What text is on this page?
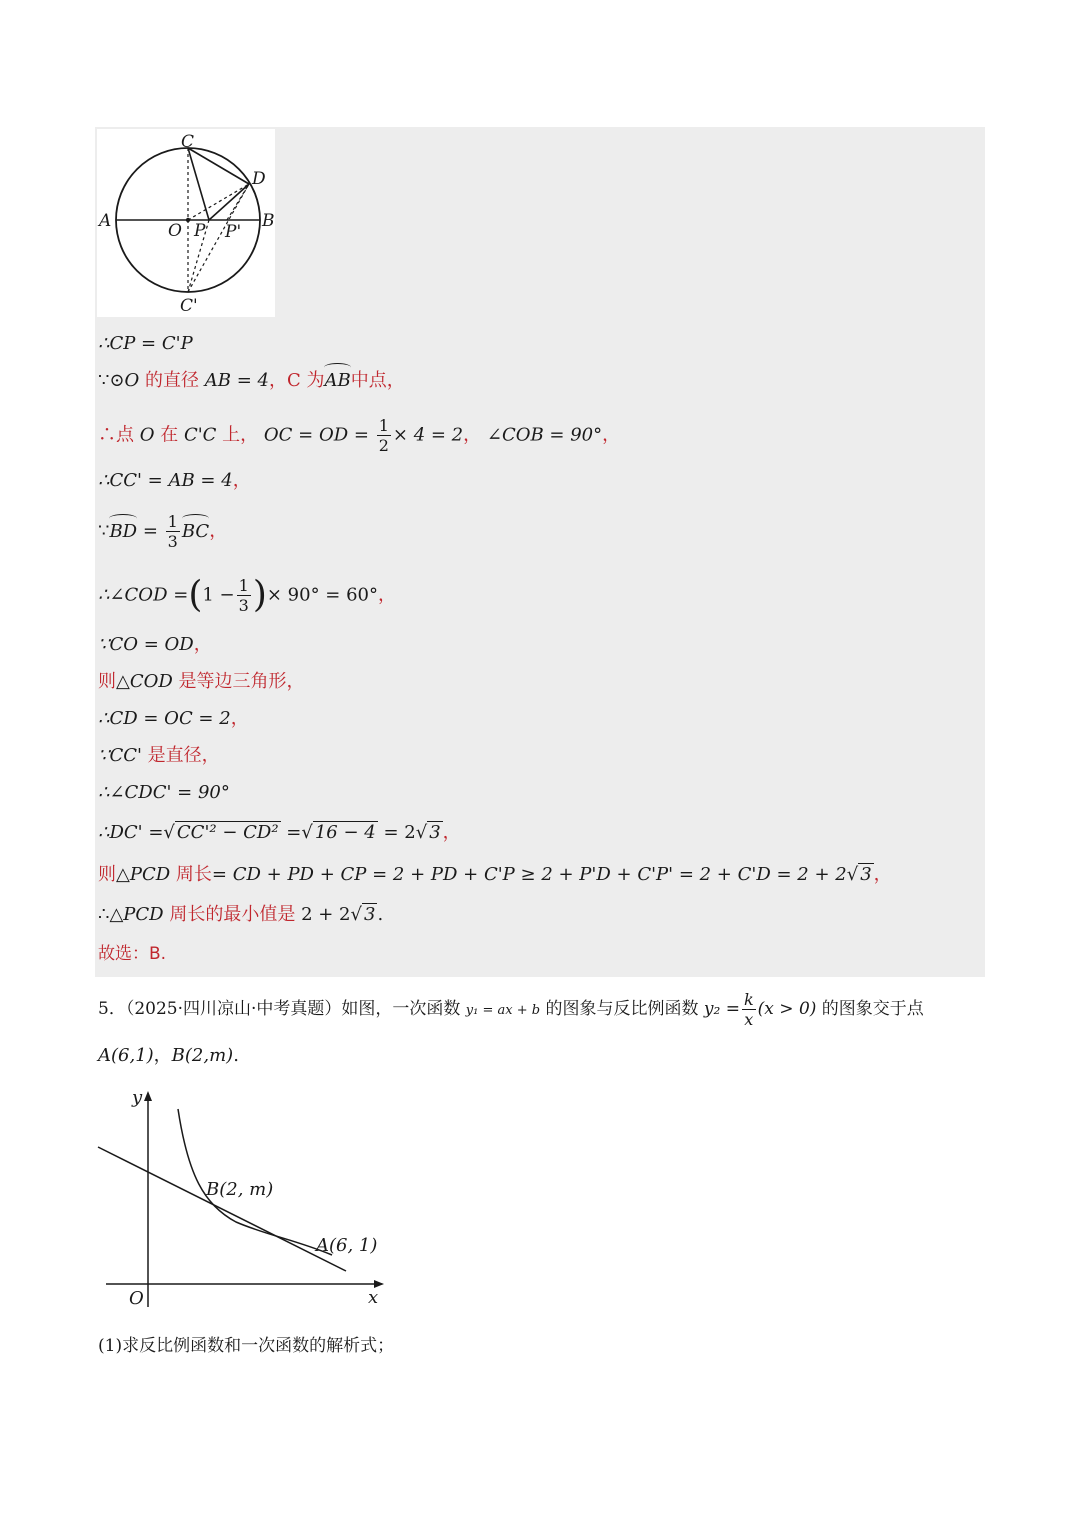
C
D
A	B
O P P'
C'
∴CP = C'P
∵⊙O 的直径 AB = 4，C 为AB中点，
∴点 O 在 C'C 上， OC = OD = $\frac{1}{2} \times 4 = 2$， ∠COB = 90°，
∴CC' = AB = 4，
∵BD = $\frac{1}{3}$ BC，
∴∠COD $=(1 - \frac{1}{3}$ )× 90° = 60°，
∵CO = OD，
则△COD 是等边三角形，
∴CD = OC = 2，
∵CC' 是直径，
∴∠CDC' = 90°
∴DC' =√ CC'² − CD² =√ 16 − 4 = 2√ 3 ，
则△PCD 周长= CD + PD + CP = 2 + PD + C'P ≥ 2 + P'D + C'P' = 2 + C'D = 2 + 2√ 3 ，
∴△PCD 周长的最小值是 2 + 2√ 3 .
故选：B.
5．（2025·四川凉山·中考真题）如图，一次函数 y₁ = ax + b 的图象与反比例函数 $y_2 = \frac{k}{x} (x > 0)$ 的图象交于点
A(6,1)，B(2,m).
y
x
O
B(2, m)
A(6, 1)
(1)求反比例函数和一次函数的解析式；
